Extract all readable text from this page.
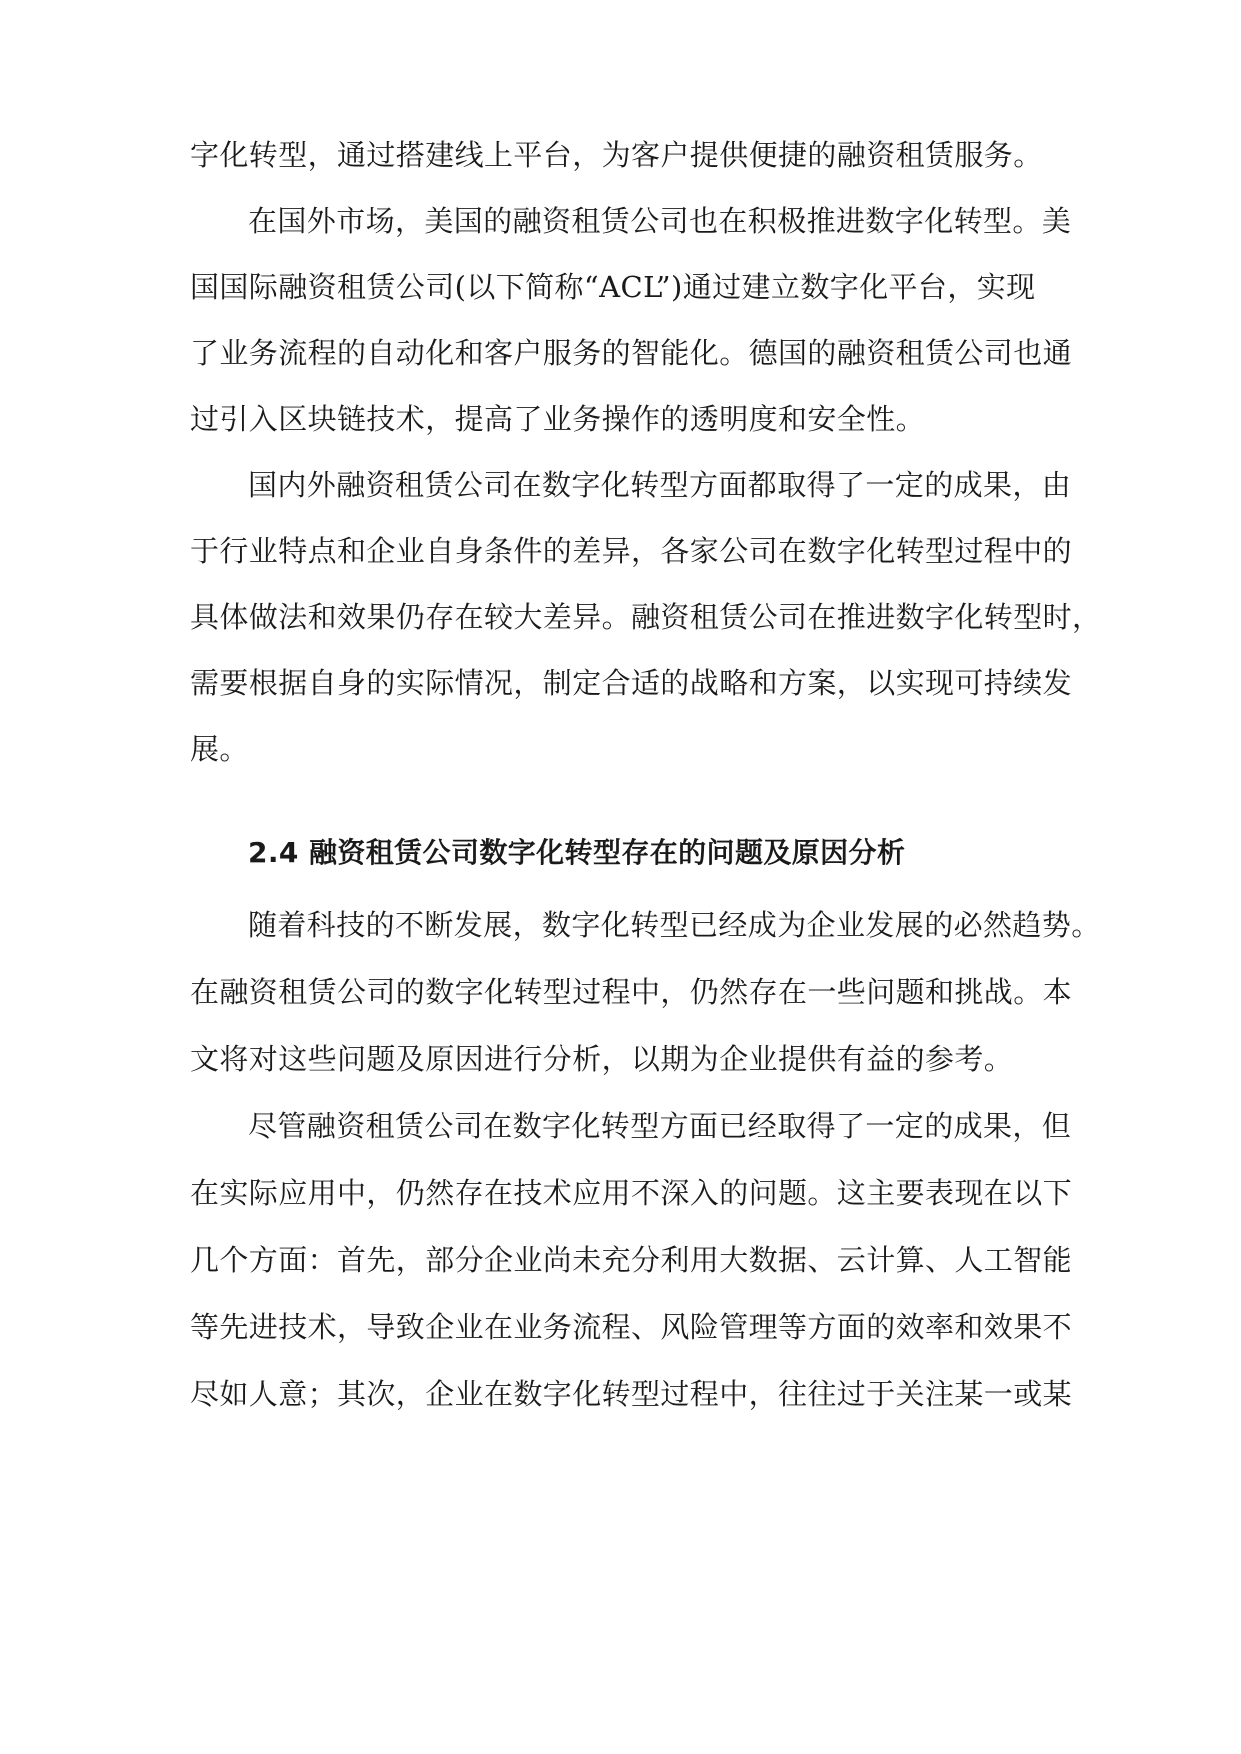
字化转型，通过搭建线上平台，为客户提供便捷的融资租赁服务。
在国外市场，美国的融资租赁公司也在积极推进数字化转型。美
国国际融资租赁公司(以下简称“ACL”)通过建立数字化平台，实现
了业务流程的自动化和客户服务的智能化。德国的融资租赁公司也通
过引入区块链技术，提高了业务操作的透明度和安全性。
国内外融资租赁公司在数字化转型方面都取得了一定的成果，由
于行业特点和企业自身条件的差异，各家公司在数字化转型过程中的
具体做法和效果仍存在较大差异。融资租赁公司在推进数字化转型时，
需要根据自身的实际情况，制定合适的战略和方案，以实现可持续发
展。
2.4 融资租赁公司数字化转型存在的问题及原因分析
随着科技的不断发展，数字化转型已经成为企业发展的必然趋势。
在融资租赁公司的数字化转型过程中，仍然存在一些问题和挑战。本
文将对这些问题及原因进行分析，以期为企业提供有益的参考。
尽管融资租赁公司在数字化转型方面已经取得了一定的成果，但
在实际应用中，仍然存在技术应用不深入的问题。这主要表现在以下
几个方面：首先，部分企业尚未充分利用大数据、云计算、人工智能
等先进技术，导致企业在业务流程、风险管理等方面的效率和效果不
尽如人意；其次，企业在数字化转型过程中，往往过于关注某一或某
